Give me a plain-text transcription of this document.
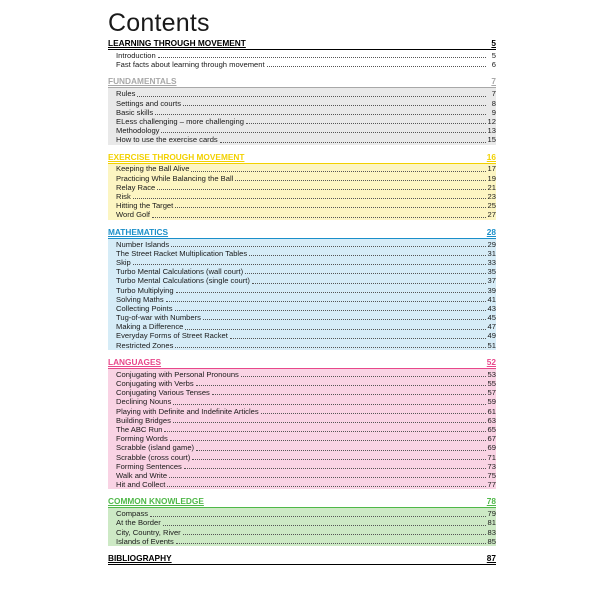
Contents
LEARNING THROUGH MOVEMENT	5
Introduction	5
Fast facts about learning through movement	6
FUNDAMENTALS	7
Rules	7
Settings and courts	8
Basic skills	9
ELess challenging – more challenging	12
Methodology	13
How to use the exercise cards	15
EXERCISE THROUGH MOVEMENT	16
Keeping the Ball Alive	17
Practicing While Balancing the Ball	19
Relay Race	21
Risk	23
Hitting the Target	25
Word Golf	27
MATHEMATICS	28
Number Islands	29
The Street Racket Multiplication Tables	31
Skip	33
Turbo Mental Calculations (wall court)	35
Turbo Mental Calculations (single court)	37
Turbo Multiplying	39
Solving Maths	41
Collecting Points	43
Tug-of-war with Numbers	45
Making a Difference	47
Everyday Forms of Street Racket	49
Restricted Zones	51
LANGUAGES	52
Conjugating with Personal Pronouns	53
Conjugating with Verbs	55
Conjugating Various Tenses	57
Declining Nouns	59
Playing with Definite and Indefinite Articles	61
Building Bridges	63
The ABC Run	65
Forming Words	67
Scrabble (island game)	69
Scrabble (cross court)	71
Forming Sentences	73
Walk and Write	75
Hit and Collect	77
COMMON KNOWLEDGE	78
Compass	79
At the Border	81
City, Country, River	83
Islands of Events	85
BIBLIOGRAPHY	87
